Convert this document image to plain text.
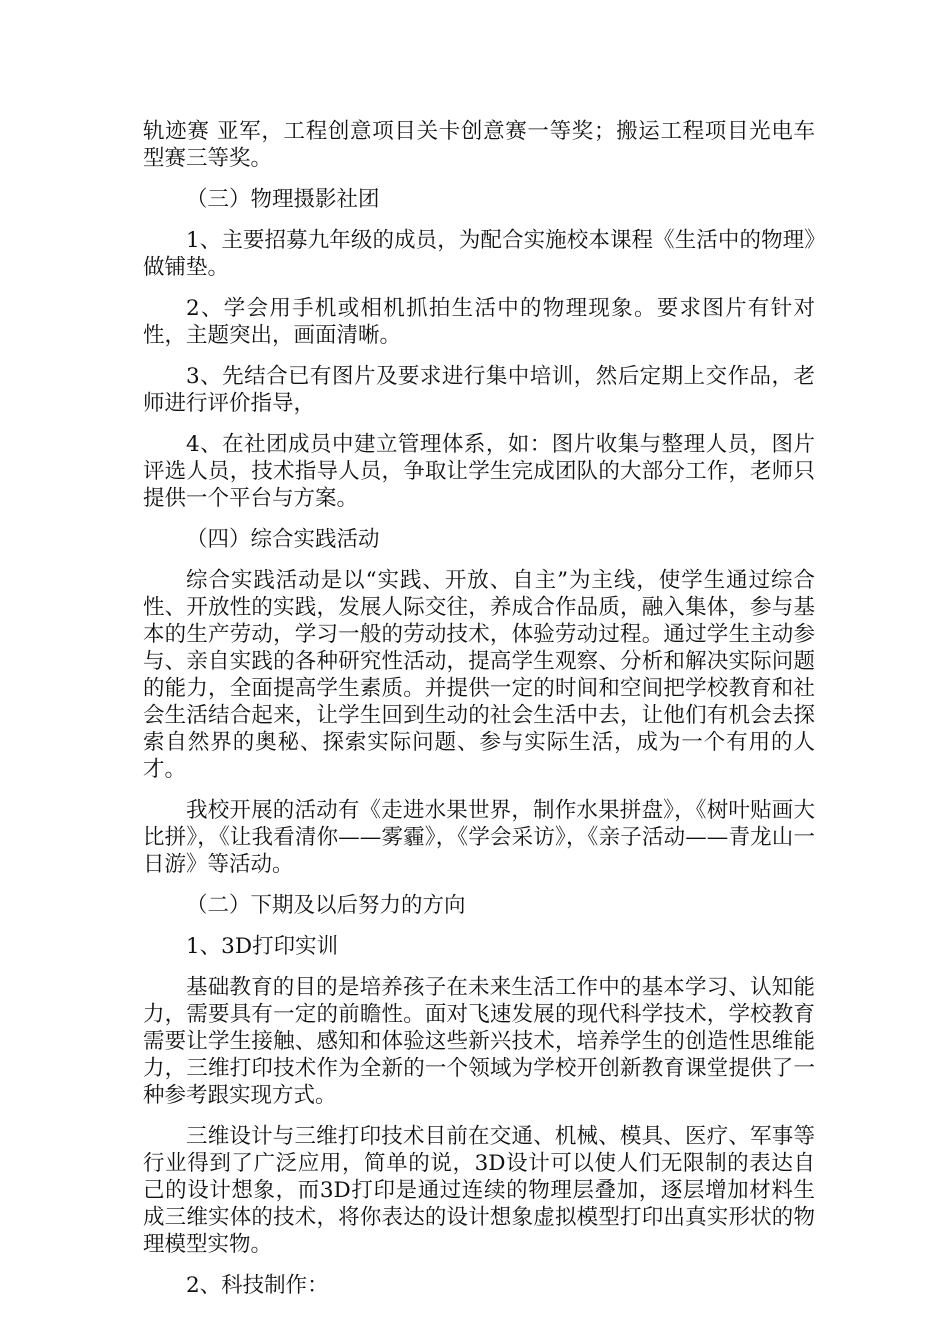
轨迹赛 亚军，工程创意项目关卡创意赛一等奖；搬运工程项目光电车型赛三等奖。

（三）物理摄影社团

1、主要招募九年级的成员，为配合实施校本课程《生活中的物理》做铺垫。

2、学会用手机或相机抓拍生活中的物理现象。要求图片有针对性，主题突出，画面清晰。

3、先结合已有图片及要求进行集中培训，然后定期上交作品，老师进行评价指导，

4、在社团成员中建立管理体系，如：图片收集与整理人员，图片评选人员，技术指导人员，争取让学生完成团队的大部分工作，老师只提供一个平台与方案。

（四）综合实践活动

综合实践活动是以“实践、开放、自主”为主线，使学生通过综合性、开放性的实践，发展人际交往，养成合作品质，融入集体，参与基本的生产劳动，学习一般的劳动技术，体验劳动过程。通过学生主动参与、亲自实践的各种研究性活动，提高学生观察、分析和解决实际问题的能力，全面提高学生素质。并提供一定的时间和空间把学校教育和社会生活结合起来，让学生回到生动的社会生活中去，让他们有机会去探索自然界的奥秘、探索实际问题、参与实际生活，成为一个有用的人才。

我校开展的活动有《走进水果世界，制作水果拼盘》，《树叶贴画大比拼》，《让我看清你——雾霾》，《学会采访》，《亲子活动——青龙山一日游》等活动。

（二）下期及以后努力的方向

1、3D打印实训

基础教育的目的是培养孩子在未来生活工作中的基本学习、认知能力，需要具有一定的前瞻性。面对飞速发展的现代科学技术，学校教育需要让学生接触、感知和体验这些新兴技术，培养学生的创造性思维能力，三维打印技术作为全新的一个领域为学校开创新教育课堂提供了一种参考跟实现方式。

三维设计与三维打印技术目前在交通、机械、模具、医疗、军事等行业得到了广泛应用，简单的说，3D设计可以使人们无限制的表达自己的设计想象，而3D打印是通过连续的物理层叠加，逐层增加材料生成三维实体的技术，将你表达的设计想象虚拟模型打印出真实形状的物理模型实物。

2、科技制作：
